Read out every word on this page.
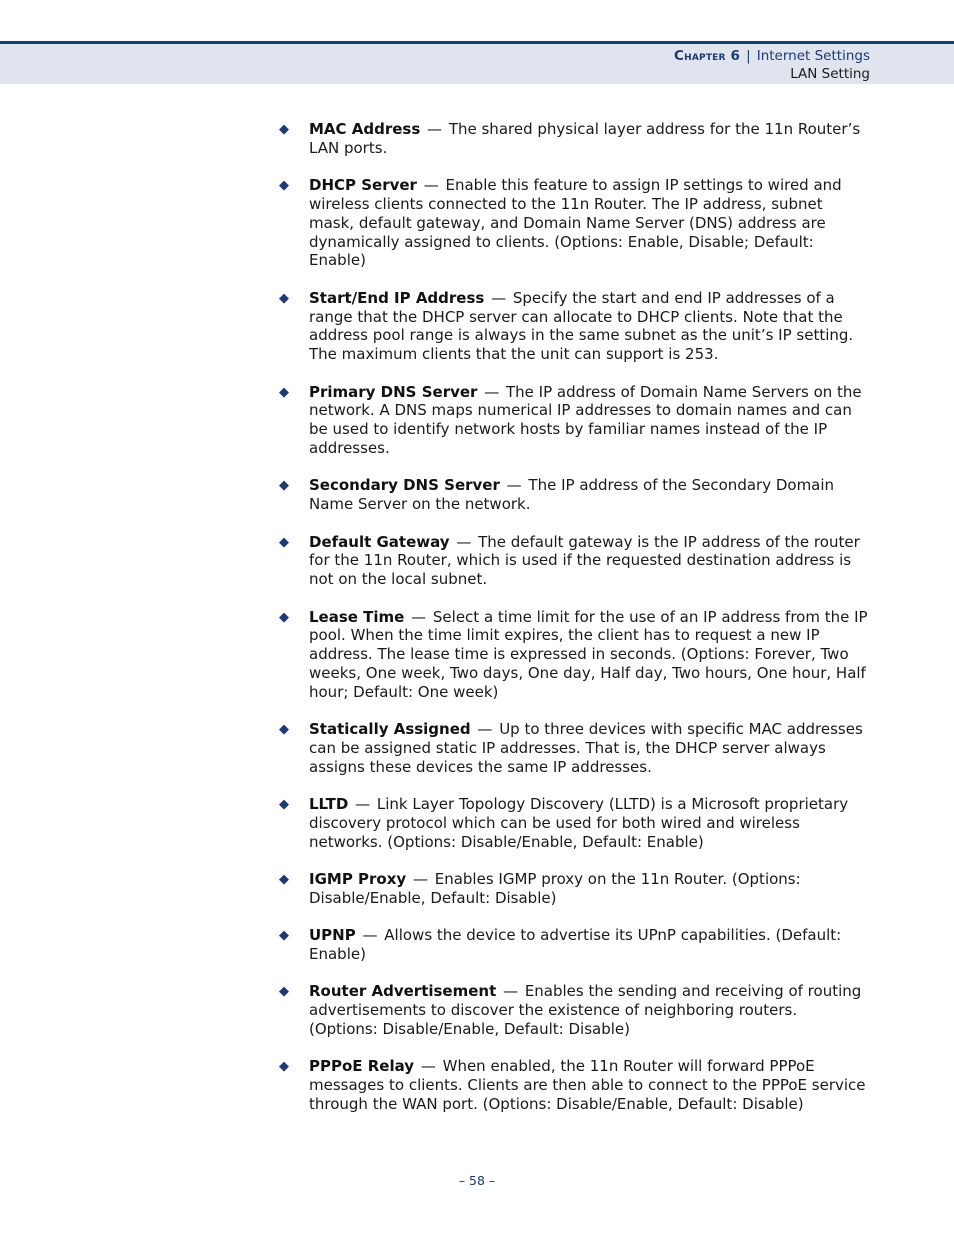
Chapter 6 | Internet Settings
LAN Setting
◆ MAC Address — The shared physical layer address for the 11n Router’s LAN ports.
◆ DHCP Server — Enable this feature to assign IP settings to wired and wireless clients connected to the 11n Router. The IP address, subnet mask, default gateway, and Domain Name Server (DNS) address are dynamically assigned to clients. (Options: Enable, Disable; Default: Enable)
◆ Start/End IP Address — Specify the start and end IP addresses of a range that the DHCP server can allocate to DHCP clients. Note that the address pool range is always in the same subnet as the unit’s IP setting. The maximum clients that the unit can support is 253.
◆ Primary DNS Server — The IP address of Domain Name Servers on the network. A DNS maps numerical IP addresses to domain names and can be used to identify network hosts by familiar names instead of the IP addresses.
◆ Secondary DNS Server — The IP address of the Secondary Domain Name Server on the network.
◆ Default Gateway — The default gateway is the IP address of the router for the 11n Router, which is used if the requested destination address is not on the local subnet.
◆ Lease Time — Select a time limit for the use of an IP address from the IP pool. When the time limit expires, the client has to request a new IP address. The lease time is expressed in seconds. (Options: Forever, Two weeks, One week, Two days, One day, Half day, Two hours, One hour, Half hour; Default: One week)
◆ Statically Assigned — Up to three devices with specific MAC addresses can be assigned static IP addresses. That is, the DHCP server always assigns these devices the same IP addresses.
◆ LLTD — Link Layer Topology Discovery (LLTD) is a Microsoft proprietary discovery protocol which can be used for both wired and wireless networks. (Options: Disable/Enable, Default: Enable)
◆ IGMP Proxy — Enables IGMP proxy on the 11n Router. (Options: Disable/Enable, Default: Disable)
◆ UPNP — Allows the device to advertise its UPnP capabilities. (Default: Enable)
◆ Router Advertisement — Enables the sending and receiving of routing advertisements to discover the existence of neighboring routers. (Options: Disable/Enable, Default: Disable)
◆ PPPoE Relay — When enabled, the 11n Router will forward PPPoE messages to clients. Clients are then able to connect to the PPPoE service through the WAN port. (Options: Disable/Enable, Default: Disable)
– 58 –
